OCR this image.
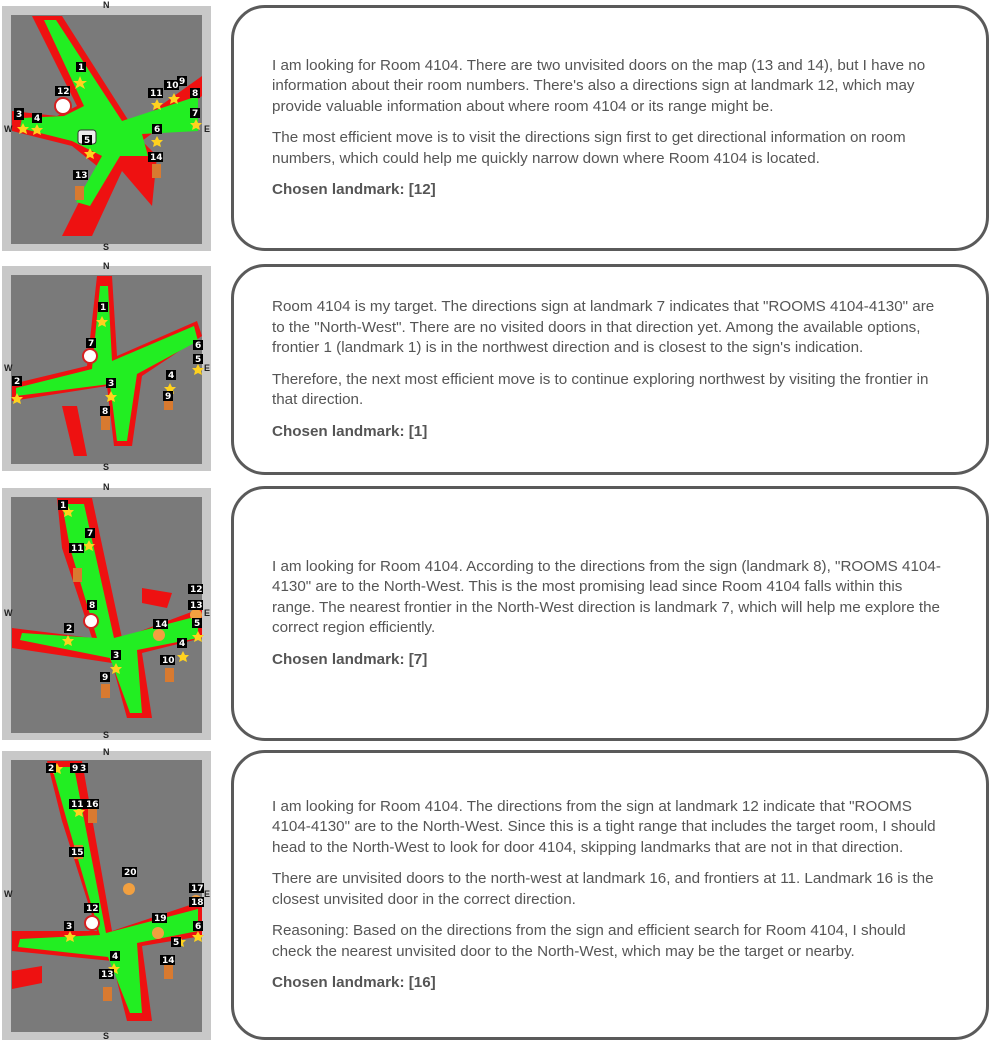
1
12
3 4
5
6
7
8
9
10
11
13
14
N
S
E
W

I am looking for Room 4104. There are two unvisited doors on the map (13 and 14), but I have no information about their room numbers. There's also a directions sign at landmark 12, which may provide valuable information about where room 4104 or its range might be.

The most efficient move is to visit the directions sign first to get directional information on room numbers, which could help me quickly narrow down where Room 4104 is located.

Chosen landmark: [12]

1
2	3
4
5
6
7
8
9
N
S
E
W

Room 4104 is my target. The directions sign at landmark 7 indicates that "ROOMS 4104-4130" are to the "North-West". There are no visited doors in that direction yet. Among the available options, frontier 1 (landmark 1) is in the northwest direction and is closest to the sign's indication.

Therefore, the next most efficient move is to continue exploring northwest by visiting the frontier in that direction.

Chosen landmark: [1]

1
7
11
8
2
3
9
12
13
5
4
14
10
N
S
E
W

I am looking for Room 4104. According to the directions from the sign (landmark 8), "ROOMS 4104-4130" are to the North-West. This is the most promising lead since Room 4104 falls within this range. The nearest frontier in the North-West direction is landmark 7, which will help me explore the correct region efficiently.

Chosen landmark: [7]

2 9 3
11 16
15
20
17
18
6
19
5
12
3
4	14
13
N
S
E
W

I am looking for Room 4104. The directions from the sign at landmark 12 indicate that "ROOMS 4104-4130" are to the North-West. Since this is a tight range that includes the target room, I should head to the North-West to look for door 4104, skipping landmarks that are not in that direction.

There are unvisited doors to the north-west at landmark 16, and frontiers at 11. Landmark 16 is the closest unvisited door in the correct direction.

Reasoning: Based on the directions from the sign and efficient search for Room 4104, I should check the nearest unvisited door to the North-West, which may be the target or nearby.

Chosen landmark: [16]
